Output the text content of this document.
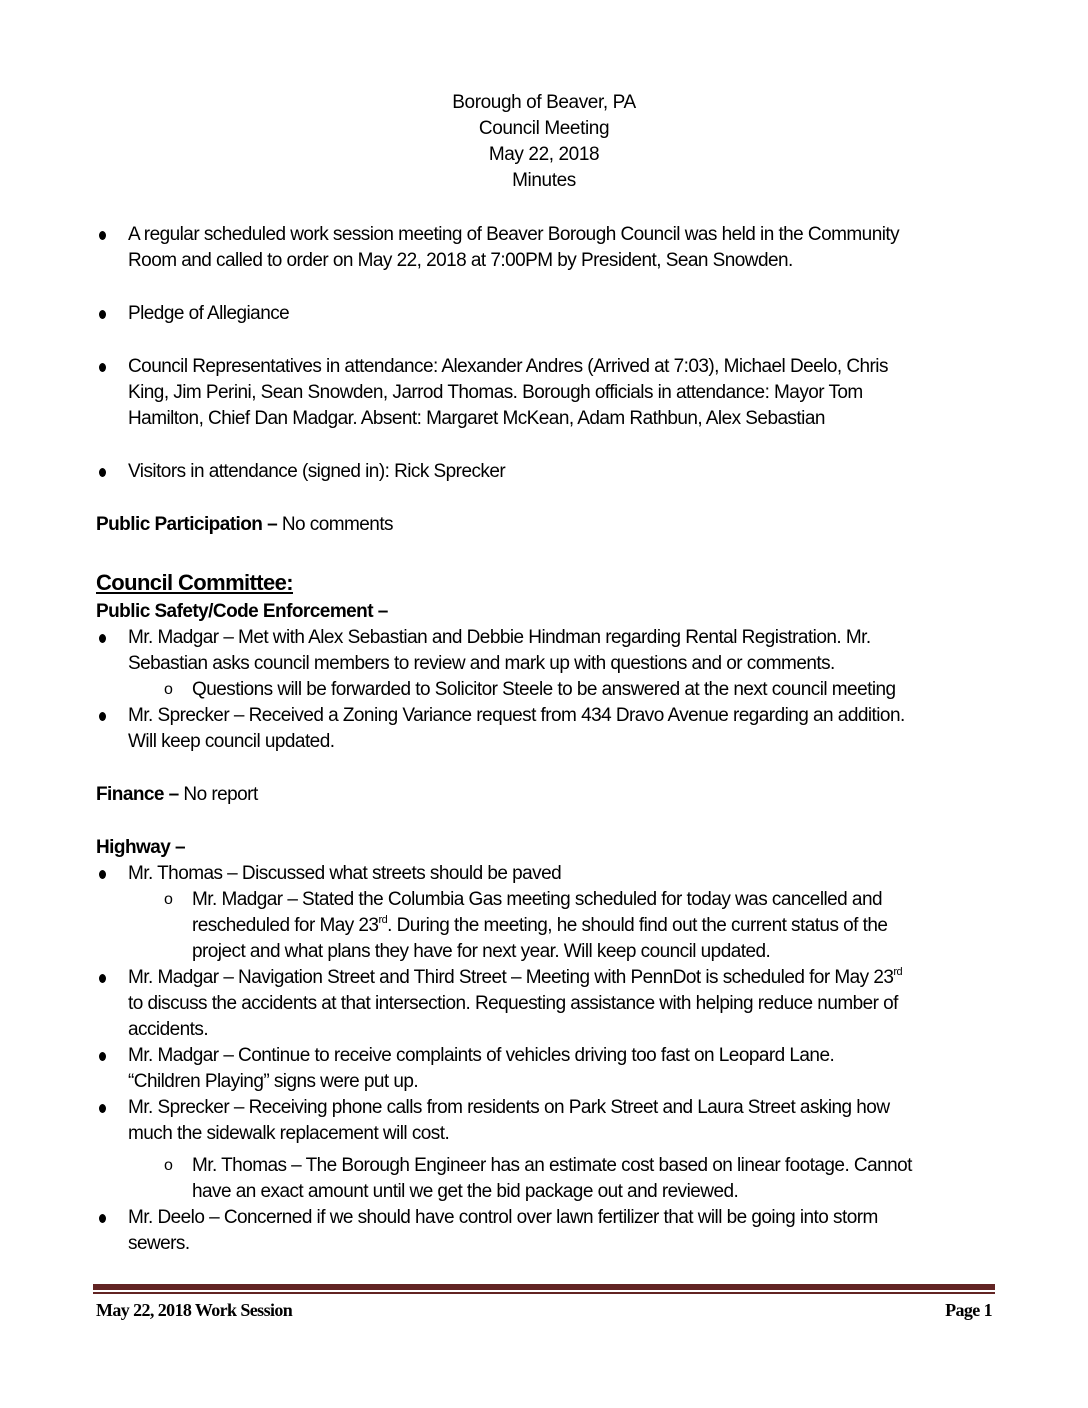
Borough of Beaver, PA
Council Meeting
May 22, 2018
Minutes
A regular scheduled work session meeting of Beaver Borough Council was held in the Community
Room and called to order on May 22, 2018 at 7:00PM by President, Sean Snowden.
Pledge of Allegiance
Council Representatives in attendance: Alexander Andres (Arrived at 7:03), Michael Deelo, Chris
King, Jim Perini, Sean Snowden, Jarrod Thomas. Borough officials in attendance: Mayor Tom
Hamilton, Chief Dan Madgar. Absent: Margaret McKean, Adam Rathbun, Alex Sebastian
Visitors in attendance (signed in): Rick Sprecker
Public Participation – No comments
Council Committee:
Public Safety/Code Enforcement –
Mr. Madgar – Met with Alex Sebastian and Debbie Hindman regarding Rental Registration. Mr.
Sebastian asks council members to review and mark up with questions and or comments.
o Questions will be forwarded to Solicitor Steele to be answered at the next council meeting
Mr. Sprecker – Received a Zoning Variance request from 434 Dravo Avenue regarding an addition.
Will keep council updated.
Finance – No report
Highway –
Mr. Thomas – Discussed what streets should be paved
o Mr. Madgar – Stated the Columbia Gas meeting scheduled for today was cancelled and
rescheduled for May 23rd. During the meeting, he should find out the current status of the
project and what plans they have for next year. Will keep council updated.
Mr. Madgar – Navigation Street and Third Street – Meeting with PennDot is scheduled for May 23rd
to discuss the accidents at that intersection. Requesting assistance with helping reduce number of
accidents.
Mr. Madgar – Continue to receive complaints of vehicles driving too fast on Leopard Lane.
“Children Playing” signs were put up.
Mr. Sprecker – Receiving phone calls from residents on Park Street and Laura Street asking how
much the sidewalk replacement will cost.
o Mr. Thomas – The Borough Engineer has an estimate cost based on linear footage. Cannot
have an exact amount until we get the bid package out and reviewed.
Mr. Deelo – Concerned if we should have control over lawn fertilizer that will be going into storm
sewers.
May 22, 2018 Work Session	Page 1
